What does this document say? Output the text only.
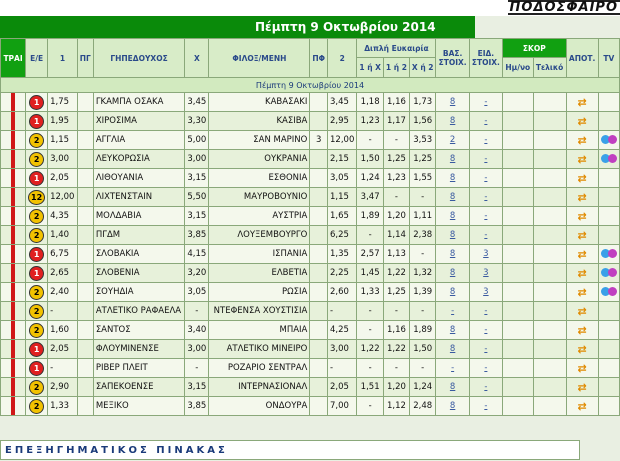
ΠΟΔΟΣΦΑΙΡΟ
Πέμπτη 9 Οκτωβρίου 2014
ΤΡΑΙ	Ε/Ε	1	ΠΓ	ΓΗΠΕΔΟΥΧΟΣ	Χ	ΦΙΛΟΞ/ΜΕΝΗ	ΠΦ	2	Διπλή Ευκαιρία			ΒΑΣ. ΣΤΟΙΧ.	ΕΙΔ. ΣΤΟΙΧ.	ΣΚΟΡ		ΑΠΟΤ.	TV
									1 ή Χ	1 ή 2	Χ ή 2			Ημ/νο	Τελικό		
Πέμπτη 9 Οκτωβρίου 2014																	
	1	1,75		ΓΚΑΜΠΑ ΟΣΑΚΑ	3,45	ΚΑΒΑΣΑΚΙ		3,45	1,18	1,16	1,73	8	-			⇄	
	1	1,95		ΧΙΡΟΣΙΜΑ	3,30	ΚΑΣΙΒΑ		2,95	1,23	1,17	1,56	8	-			⇄	
	2	1,15		ΑΓΓΛΙΑ	5,00	ΣΑΝ ΜΑΡΙΝΟ	3	12,00	-	-	3,53	2	-			⇄	
	2	3,00		ΛΕΥΚΟΡΩΣΙΑ	3,00	ΟΥΚΡΑΝΙΑ		2,15	1,50	1,25	1,25	8	-			⇄	
	1	2,05		ΛΙΘΟΥΑΝΙΑ	3,15	ΕΣΘΟΝΙΑ		3,05	1,24	1,23	1,55	8	-			⇄	
	12	12,00		ΛΙΧΤΕΝΣΤΑΙΝ	5,50	ΜΑΥΡΟΒΟΥΝΙΟ		1,15	3,47	-	-	8	-			⇄	
	2	4,35		ΜΟΛΔΑΒΙΑ	3,15	ΑΥΣΤΡΙΑ		1,65	1,89	1,20	1,11	8	-			⇄	
	2	1,40		ΠΓΔΜ	3,85	ΛΟΥΞΕΜΒΟΥΡΓΟ		6,25	-	1,14	2,38	8	-			⇄	
	1	6,75		ΣΛΟΒΑΚΙΑ	4,15	ΙΣΠΑΝΙΑ		1,35	2,57	1,13	-	8	3			⇄	
	1	2,65		ΣΛΟΒΕΝΙΑ	3,20	ΕΛΒΕΤΙΑ		2,25	1,45	1,22	1,32	8	3			⇄	
	2	2,40		ΣΟΥΗΔΙΑ	3,05	ΡΩΣΙΑ		2,60	1,33	1,25	1,39	8	3			⇄	
	2	-		ΑΤΛΕΤΙΚΟ ΡΑΦΑΕΛΑ	-	ΝΤΕΦΕΝΣΑ ΧΟΥΣΤΙΣΙΑ		-	-	-	-	-	-			⇄	
	2	1,60		ΣΑΝΤΟΣ	3,40	ΜΠΑΙΑ		4,25	-	1,16	1,89	8	-			⇄	
	1	2,05		ΦΛΟΥΜΙΝΕΝΣΕ	3,00	ΑΤΛΕΤΙΚΟ ΜΙΝΕΙΡΟ		3,00	1,22	1,22	1,50	8	-			⇄	
	1	-		ΡΙΒΕΡ ΠΛΕΙΤ	-	ΡΟΖΑΡΙΟ ΣΕΝΤΡΑΛ		-	-	-	-	-	-			⇄	
	2	2,90		ΣΑΠΕΚΟΕΝΣΕ	3,15	ΙΝΤΕΡΝΑΣΙΟΝΑΛ		2,05	1,51	1,20	1,24	8	-			⇄	
	2	1,33		ΜΕΞΙΚΟ	3,85	ΟΝΔΟΥΡΑ		7,00	-	1,12	2,48	8	-			⇄	
ΕΠΕΞΗΓΗΜΑΤΙΚΟΣ ΠΙΝΑΚΑΣ
